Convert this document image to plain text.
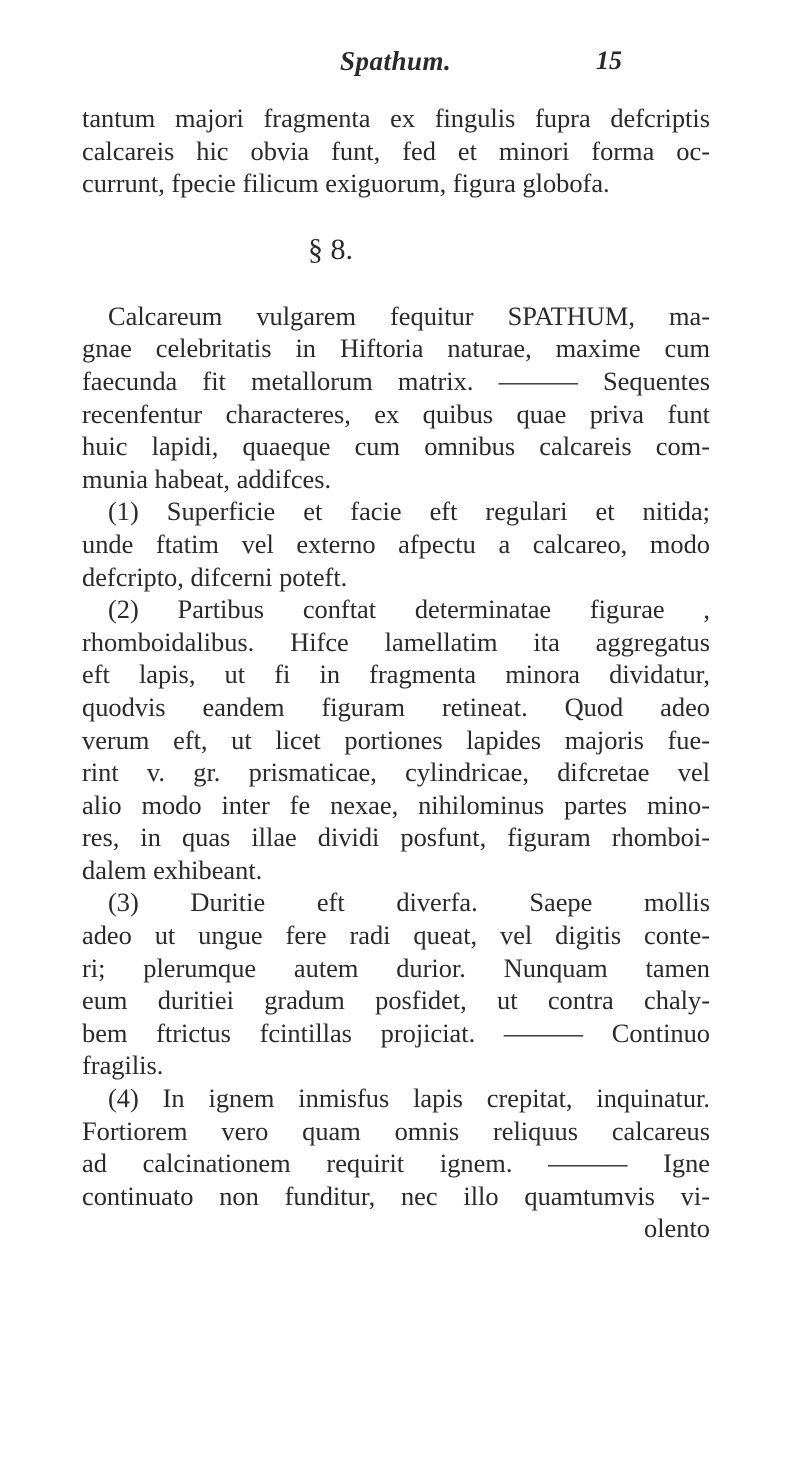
Spathum.	15
tantum majori fragmenta ex fingulis fupra defcriptis
calcareis hic obvia funt, fed et minori forma oc-
currunt, fpecie filicum exiguorum, figura globofa.
§ 8.
Calcareum vulgarem fequitur SPATHUM, ma-
gnae celebritatis in Hiftoria naturae, maxime cum
faecunda fit metallorum matrix. ——— Sequentes
recenfentur characteres, ex quibus quae priva funt
huic lapidi, quaeque cum omnibus calcareis com-
munia habeat, addifces.
(1) Superficie et facie eft regulari et nitida;
unde ftatim vel externo afpectu a calcareo, modo
defcripto, difcerni poteft.
(2) Partibus conftat determinatae figurae ,
rhomboidalibus. Hifce lamellatim ita aggregatus
eft lapis, ut fi in fragmenta minora dividatur,
quodvis eandem figuram retineat. Quod adeo
verum eft, ut licet portiones lapides majoris fue-
rint v. gr. prismaticae, cylindricae, difcretae vel
alio modo inter fe nexae, nihilominus partes mino-
res, in quas illae dividi posfunt, figuram rhomboi-
dalem exhibeant.
(3) Duritie eft diverfa. Saepe mollis
adeo ut ungue fere radi queat, vel digitis conte-
ri; plerumque autem durior. Nunquam tamen
eum duritiei gradum posfidet, ut contra chaly-
bem ftrictus fcintillas projiciat. ——— Continuo
fragilis.
(4) In ignem inmisfus lapis crepitat, inquinatur.
Fortiorem vero quam omnis reliquus calcareus
ad calcinationem requirit ignem. ——— Igne
continuato non funditur, nec illo quamtumvis vi-
olento
